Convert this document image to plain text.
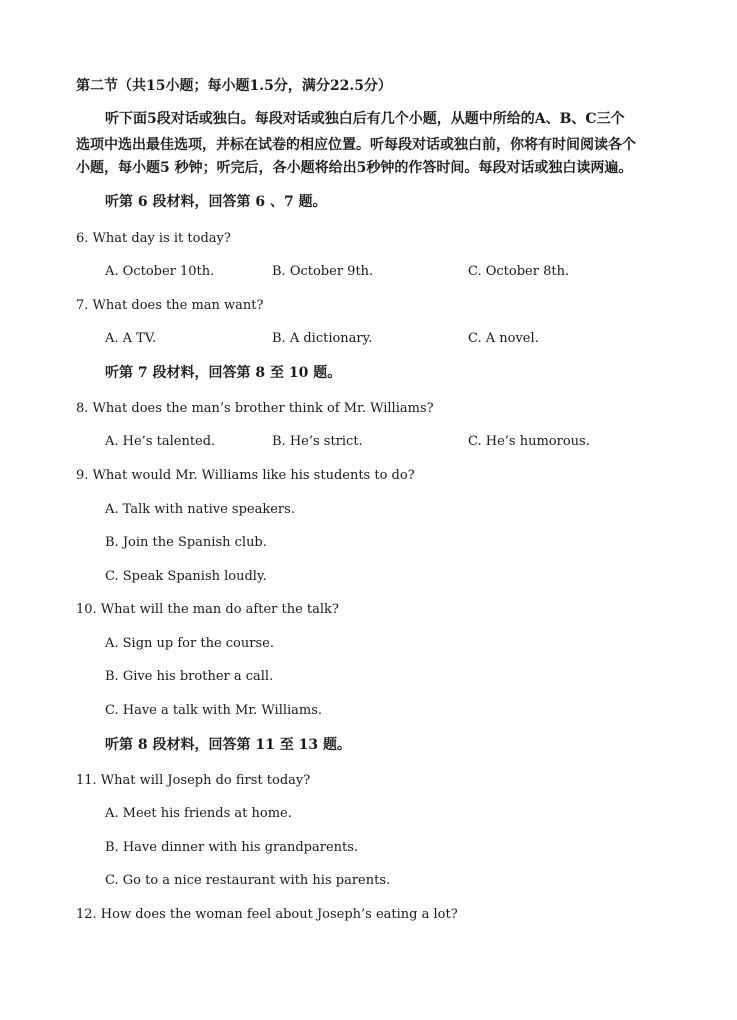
第二节（共15小题；每小题1.5分，满分22.5分）
听下面5段对话或独白。每段对话或独白后有几个小题，从题中所给的A、B、C三个
选项中选出最佳选项，并标在试卷的相应位置。听每段对话或独白前，你将有时间阅读各个
小题，每小题5 秒钟；听完后，各小题将给出5秒钟的作答时间。每段对话或独白读两遍。
听第 6 段材料，回答第 6 、7 题。
6. What day is it today?
A. October 10th.	B. October 9th.	C. October 8th.
7. What does the man want?
A. A TV.	B. A dictionary.	C. A novel.
听第 7 段材料，回答第 8 至 10 题。
8. What does the man’s brother think of Mr. Williams?
A. He’s talented.	B. He’s strict.	C. He’s humorous.
9. What would Mr. Williams like his students to do?
A. Talk with native speakers.
B. Join the Spanish club.
C. Speak Spanish loudly.
10. What will the man do after the talk?
A. Sign up for the course.
B. Give his brother a call.
C. Have a talk with Mr. Williams.
听第 8 段材料，回答第 11 至 13 题。
11. What will Joseph do first today?
A. Meet his friends at home.
B. Have dinner with his grandparents.
C. Go to a nice restaurant with his parents.
12. How does the woman feel about Joseph’s eating a lot?
